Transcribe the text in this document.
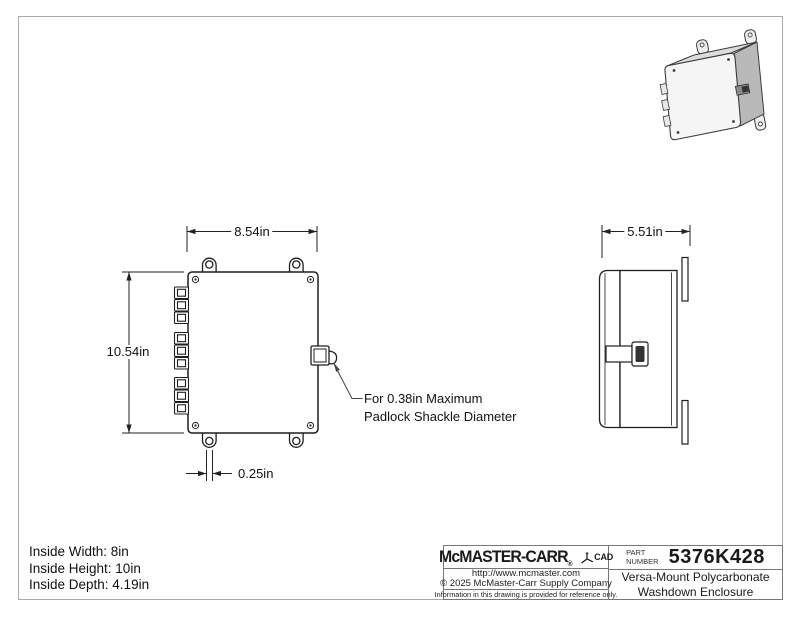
8.54in
10.54in
0.25in
5.51in
For 0.38in Maximum
Padlock Shackle Diameter
Inside Width: 8in
Inside Height: 10in
Inside Depth: 4.19in
McMASTER-$CARR_®$
CAD
http://www.mcmaster.com
© 2025 McMaster-Carr Supply Company
Information in this drawing is provided for reference only.
PART
NUMBER 5376K428
Versa-Mount Polycarbonate
Washdown Enclosure
